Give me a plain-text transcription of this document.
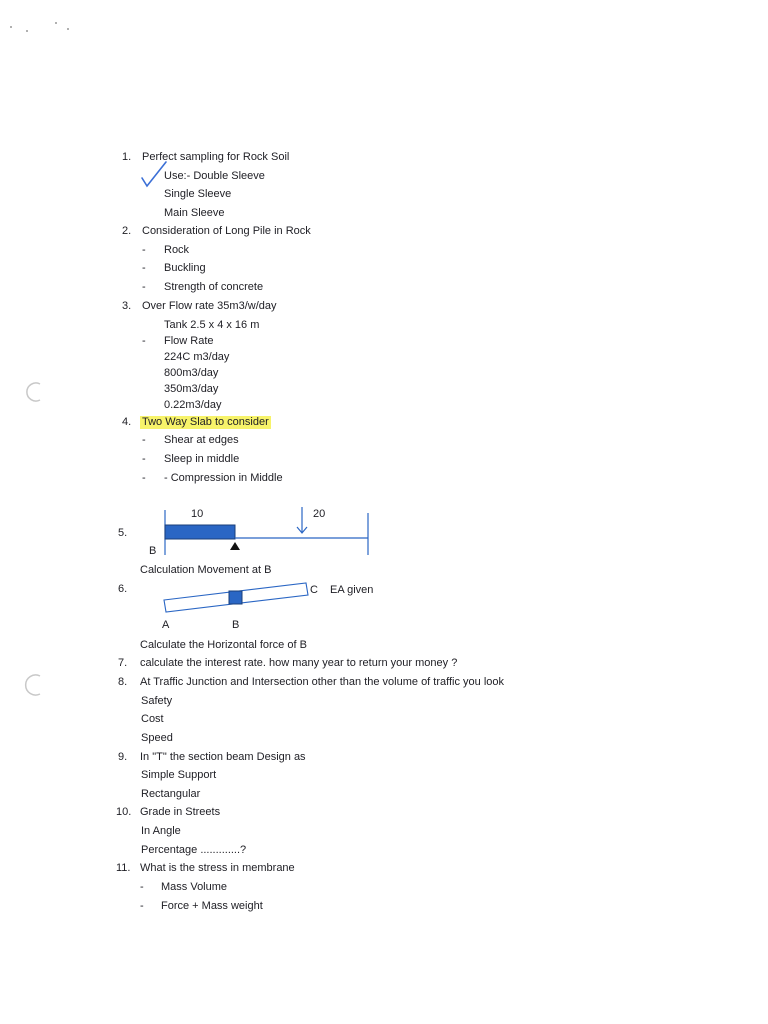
1. Perfect sampling for Rock Soil
Use:- Double Sleeve
Single Sleeve
Main Sleeve
2. Consideration of Long Pile in Rock
- Rock
- Buckling
- Strength of concrete
3. Over Flow rate 35m3/w/day
Tank 2.5 x 4 x 16 m
- Flow Rate
224C m3/day
800m3/day
350m3/day
0.22m3/day
4. Two Way Slab to consider
- Shear at edges
- Sleep in middle
- - Compression in Middle
5.
10	20
B
Calculation Movement at B
6.	C EA given
A	B
Calculate the Horizontal force of B
7. calculate the interest rate. how many year to return your money ?
8. At Traffic Junction and Intersection other than the volume of traffic you look
Safety
Cost
Speed
9. In "T" the section beam Design as
Simple Support
Rectangular
10. Grade in Streets
In Angle
Percentage .............?
11. What is the stress in membrane
- Mass Volume
- Force + Mass weight
